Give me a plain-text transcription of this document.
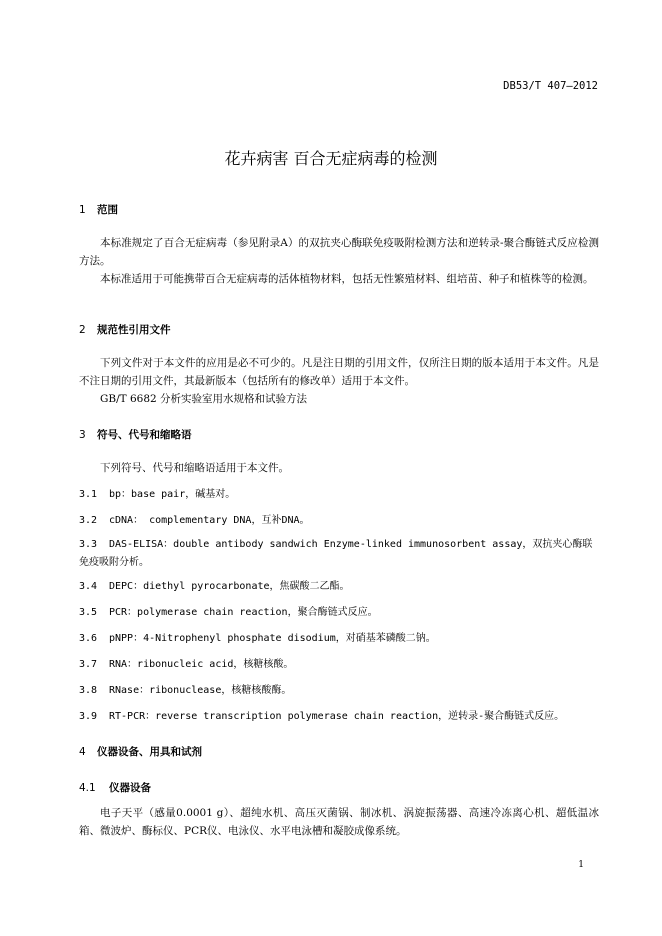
DB53/T 407—2012
花卉病害 百合无症病毒的检测
1 范围
本标准规定了百合无症病毒（参见附录A）的双抗夹心酶联免疫吸附检测方法和逆转录-聚合酶链式反应检测方法。
本标准适用于可能携带百合无症病毒的活体植物材料，包括无性繁殖材料、组培苗、种子和植株等的检测。
2 规范性引用文件
下列文件对于本文件的应用是必不可少的。凡是注日期的引用文件，仅所注日期的版本适用于本文件。凡是不注日期的引用文件，其最新版本（包括所有的修改单）适用于本文件。
GB/T 6682 分析实验室用水规格和试验方法
3 符号、代号和缩略语
下列符号、代号和缩略语适用于本文件。
3.1 bp：base pair，碱基对。
3.2 cDNA： complementary DNA，互补DNA。
3.3 DAS-ELISA：double antibody sandwich Enzyme-linked immunosorbent assay，双抗夹心酶联免疫吸附分析。
3.4 DEPC：diethyl pyrocarbonate，焦碳酸二乙酯。
3.5 PCR：polymerase chain reaction，聚合酶链式反应。
3.6 pNPP：4-Nitrophenyl phosphate disodium，对硝基苯磷酸二钠。
3.7 RNA：ribonucleic acid，核糖核酸。
3.8 RNase：ribonuclease，核糖核酸酶。
3.9 RT-PCR：reverse transcription polymerase chain reaction，逆转录-聚合酶链式反应。
4 仪器设备、用具和试剂
4.1 仪器设备
电子天平（感量0.0001 g）、超纯水机、高压灭菌锅、制冰机、涡旋振荡器、高速冷冻离心机、超低温冰箱、微波炉、酶标仪、PCR仪、电泳仪、水平电泳槽和凝胶成像系统。
1
